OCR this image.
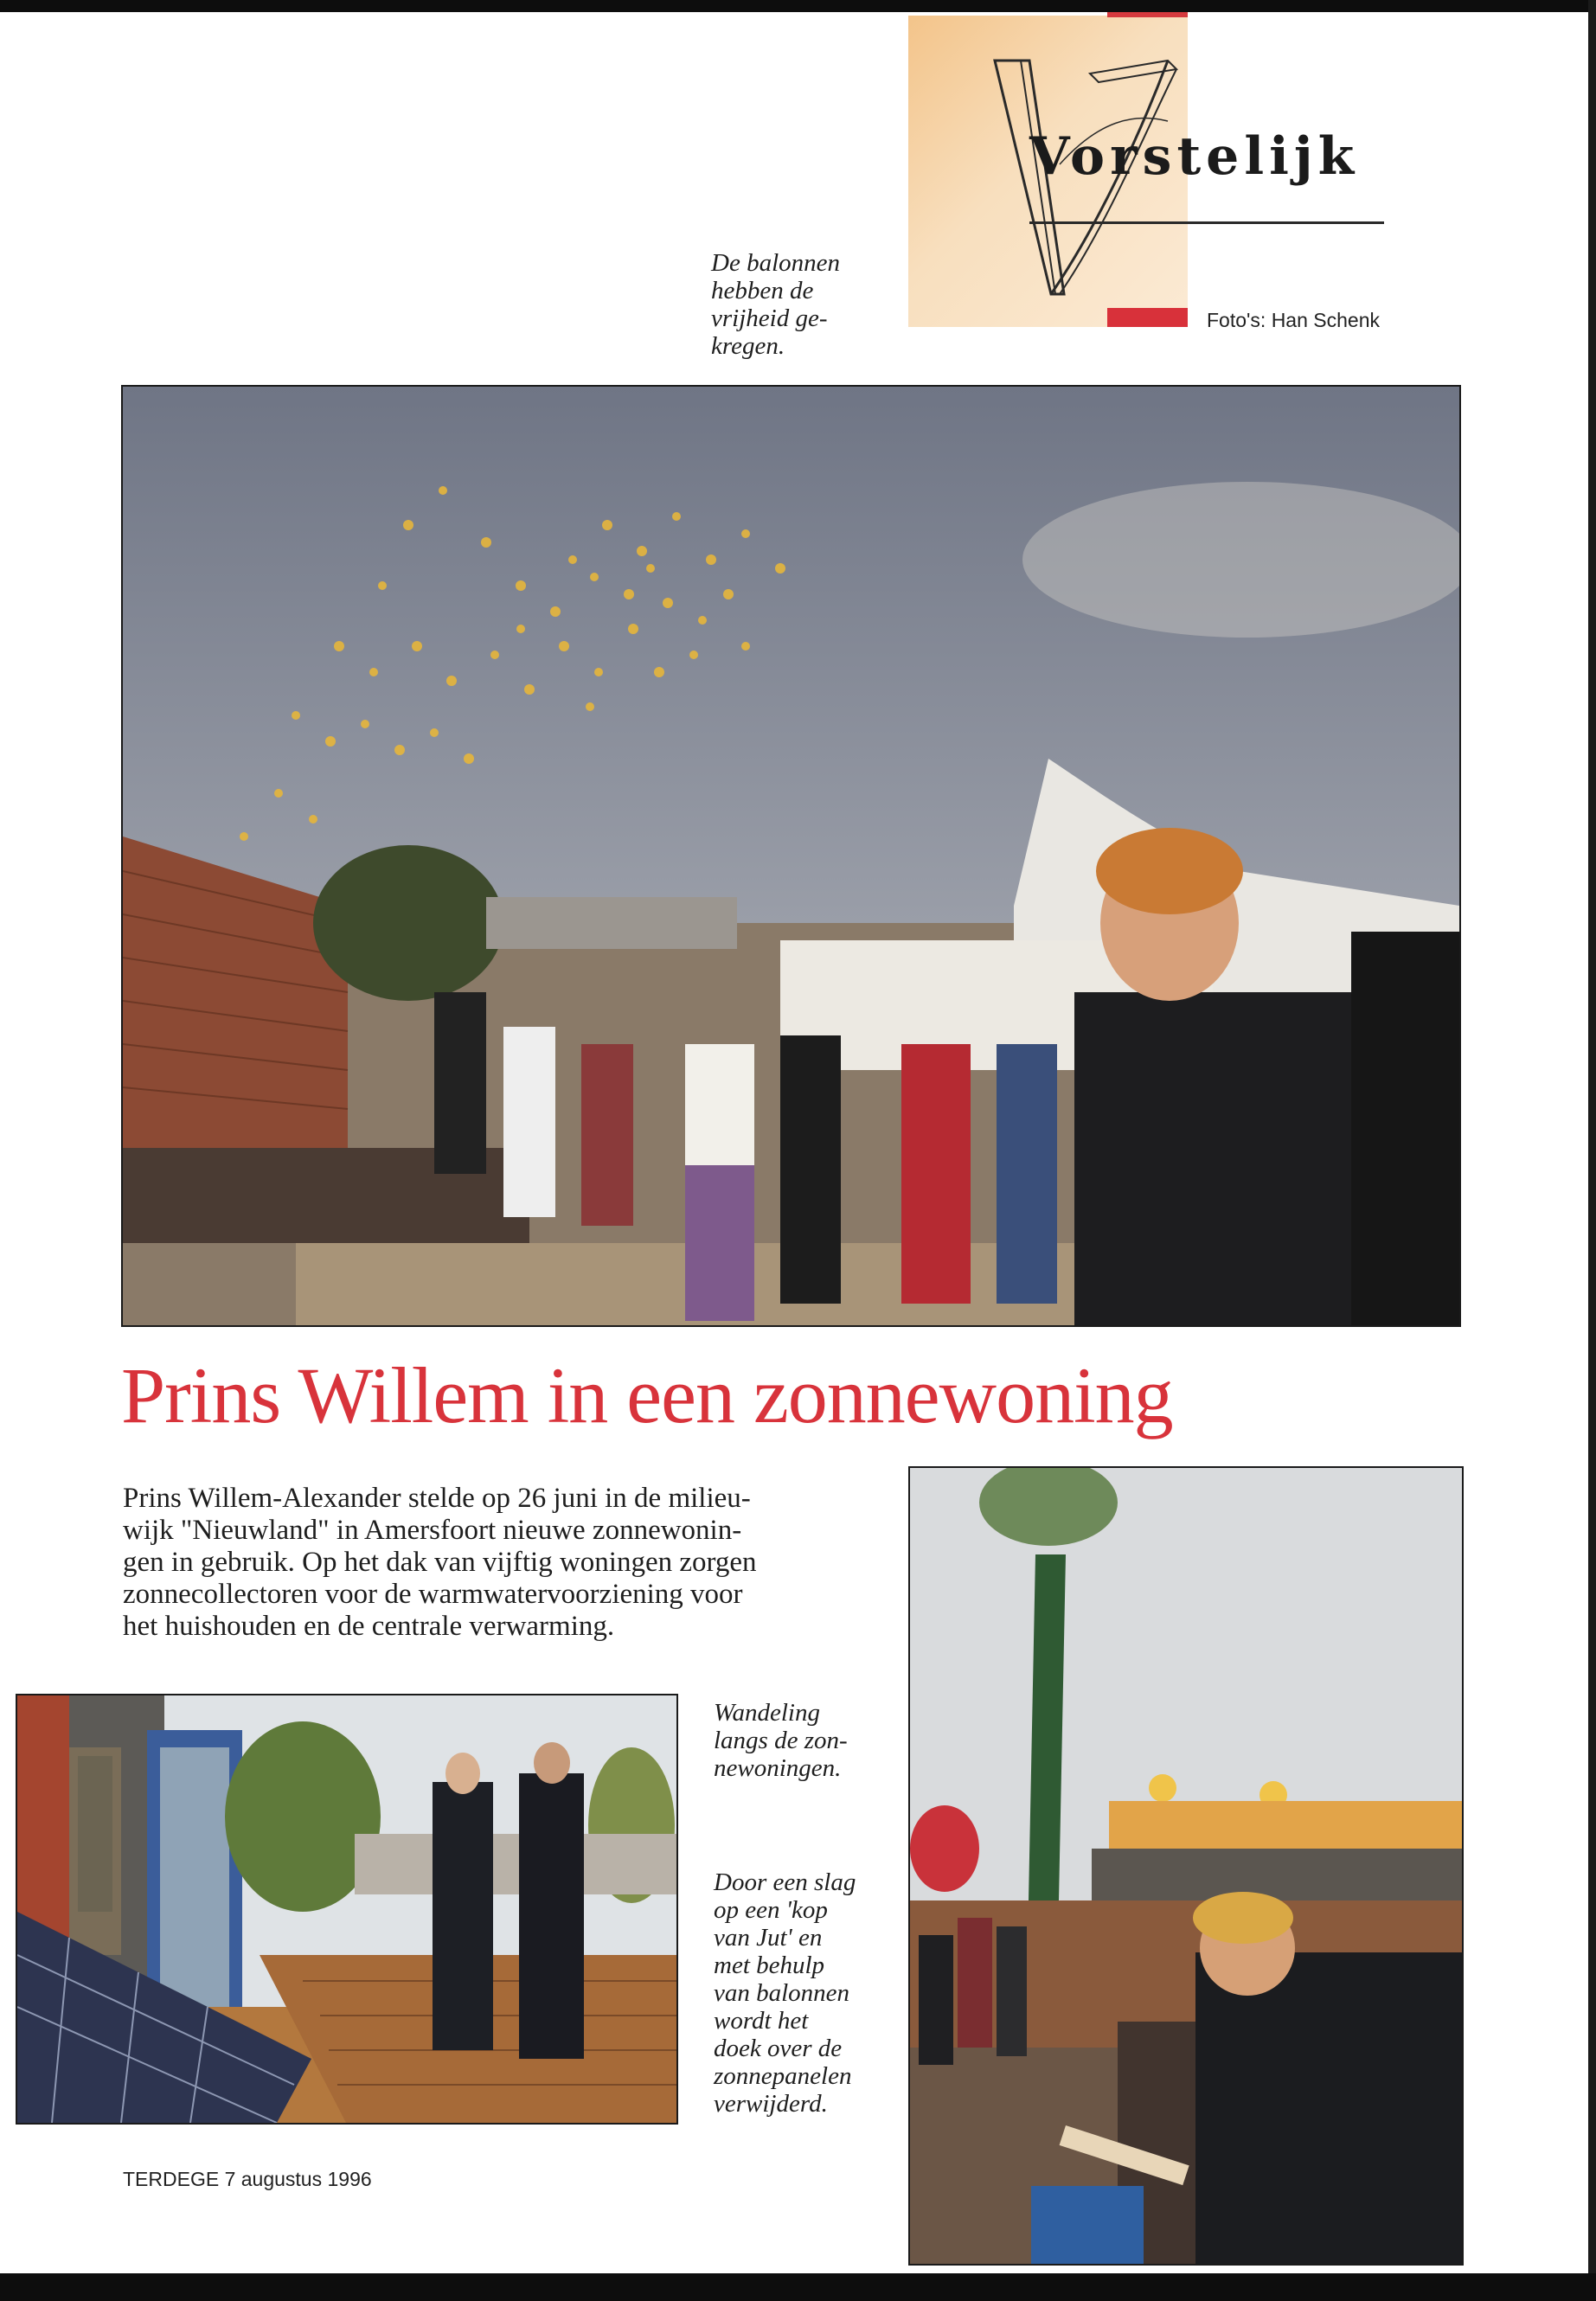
Vorstelijk
Foto's: Han Schenk
De balonnen
hebben de
vrijheid ge-
kregen.
Prins Willem in een zonnewoning
Prins Willem-Alexander stelde op 26 juni in de milieu-
wijk "Nieuwland" in Amersfoort nieuwe zonnewonin-
gen in gebruik. Op het dak van vijftig woningen zorgen
zonnecollectoren voor de warmwatervoorziening voor
het huishouden en de centrale verwarming.
Wandeling
langs de zon-
newoningen.
Door een slag
op een 'kop
van Jut' en
met behulp
van balonnen
wordt het
doek over de
zonnepanelen
verwijderd.
TERDEGE 7 augustus 1996
